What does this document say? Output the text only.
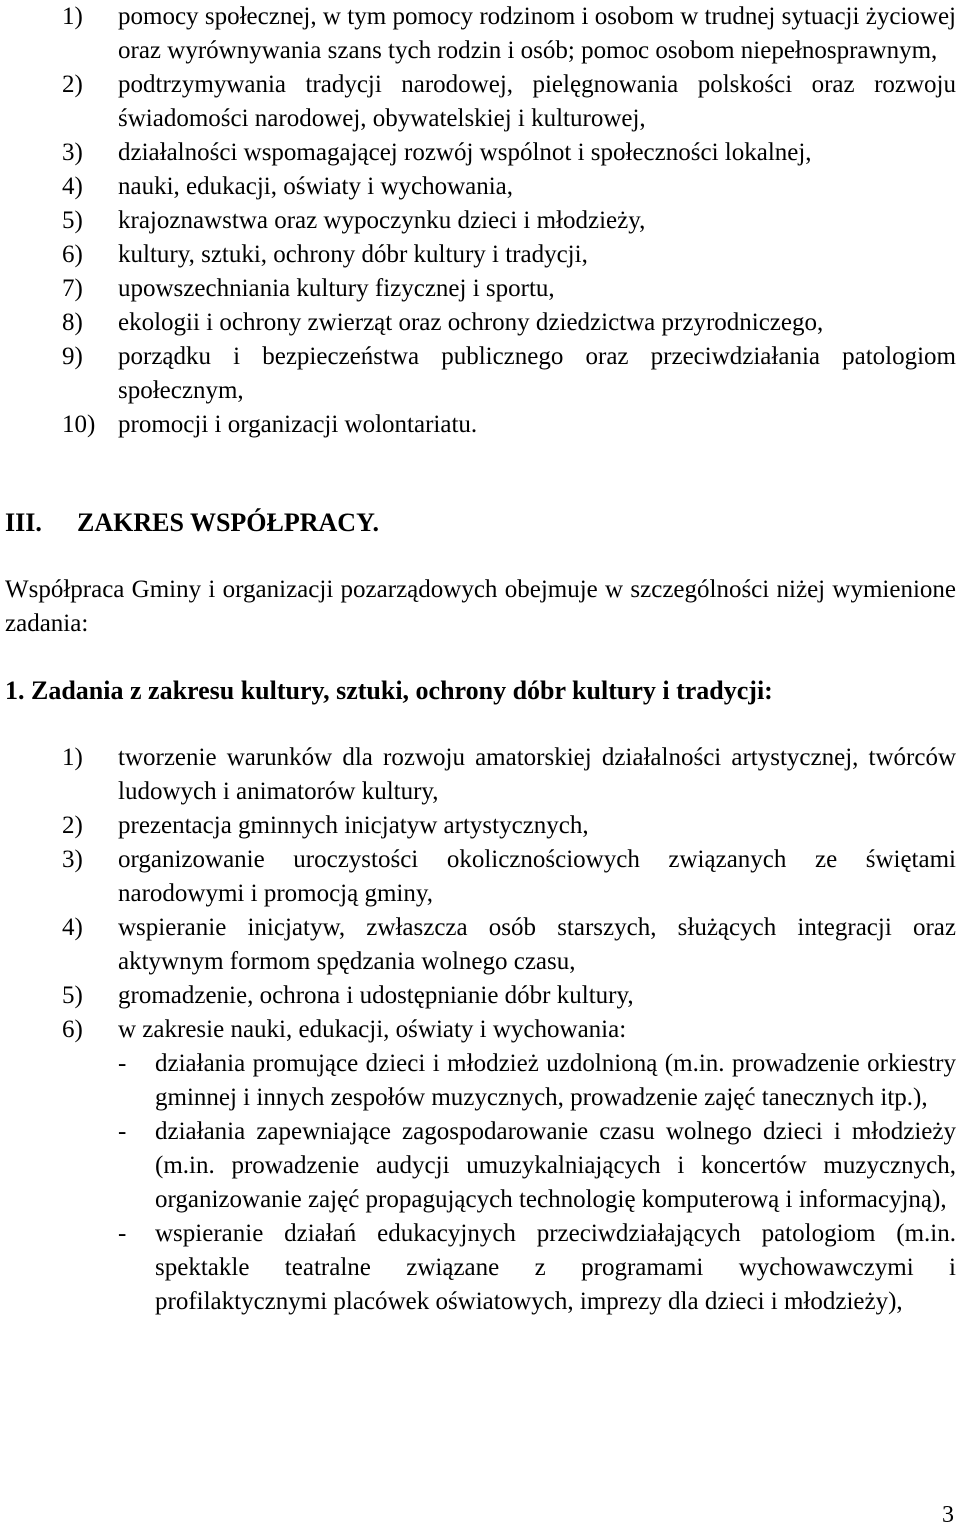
1) pomocy społecznej, w tym pomocy rodzinom i osobom w trudnej sytuacji życiowej oraz wyrównywania szans tych rodzin i osób; pomoc osobom niepełnosprawnym,
2) podtrzymywania tradycji narodowej, pielęgnowania polskości oraz rozwoju świadomości narodowej, obywatelskiej i kulturowej,
3) działalności wspomagającej rozwój wspólnot i społeczności lokalnej,
4) nauki, edukacji, oświaty i wychowania,
5) krajoznawstwa oraz wypoczynku dzieci i młodzieży,
6) kultury, sztuki, ochrony dóbr kultury i tradycji,
7) upowszechniania kultury fizycznej i sportu,
8) ekologii i ochrony zwierząt oraz ochrony dziedzictwa przyrodniczego,
9) porządku i bezpieczeństwa publicznego oraz przeciwdziałania patologiom społecznym,
10) promocji i organizacji wolontariatu.
III. ZAKRES WSPÓŁPRACY.
Współpraca Gminy i organizacji pozarządowych obejmuje w szczególności niżej wymienione zadania:
1. Zadania z zakresu kultury, sztuki, ochrony dóbr kultury i tradycji:
1) tworzenie warunków dla rozwoju amatorskiej działalności artystycznej, twórców ludowych i animatorów kultury,
2) prezentacja gminnych inicjatyw artystycznych,
3) organizowanie uroczystości okolicznościowych związanych ze świętami narodowymi i promocją gminy,
4) wspieranie inicjatyw, zwłaszcza osób starszych, służących integracji oraz aktywnym formom spędzania wolnego czasu,
5) gromadzenie, ochrona i udostępnianie dóbr kultury,
6) w zakresie nauki, edukacji, oświaty i wychowania:
- działania promujące dzieci i młodzież uzdolnioną (m.in. prowadzenie orkiestry gminnej i innych zespołów muzycznych, prowadzenie zajęć tanecznych itp.),
- działania zapewniające zagospodarowanie czasu wolnego dzieci i młodzieży (m.in. prowadzenie audycji umuzykalniających i koncertów muzycznych, organizowanie zajęć propagujących technologię komputerową i informacyjną),
- wspieranie działań edukacyjnych przeciwdziałających patologiom (m.in. spektakle teatralne związane z programami wychowawczymi i profilaktycznymi placówek oświatowych, imprezy dla dzieci i młodzieży),
3
